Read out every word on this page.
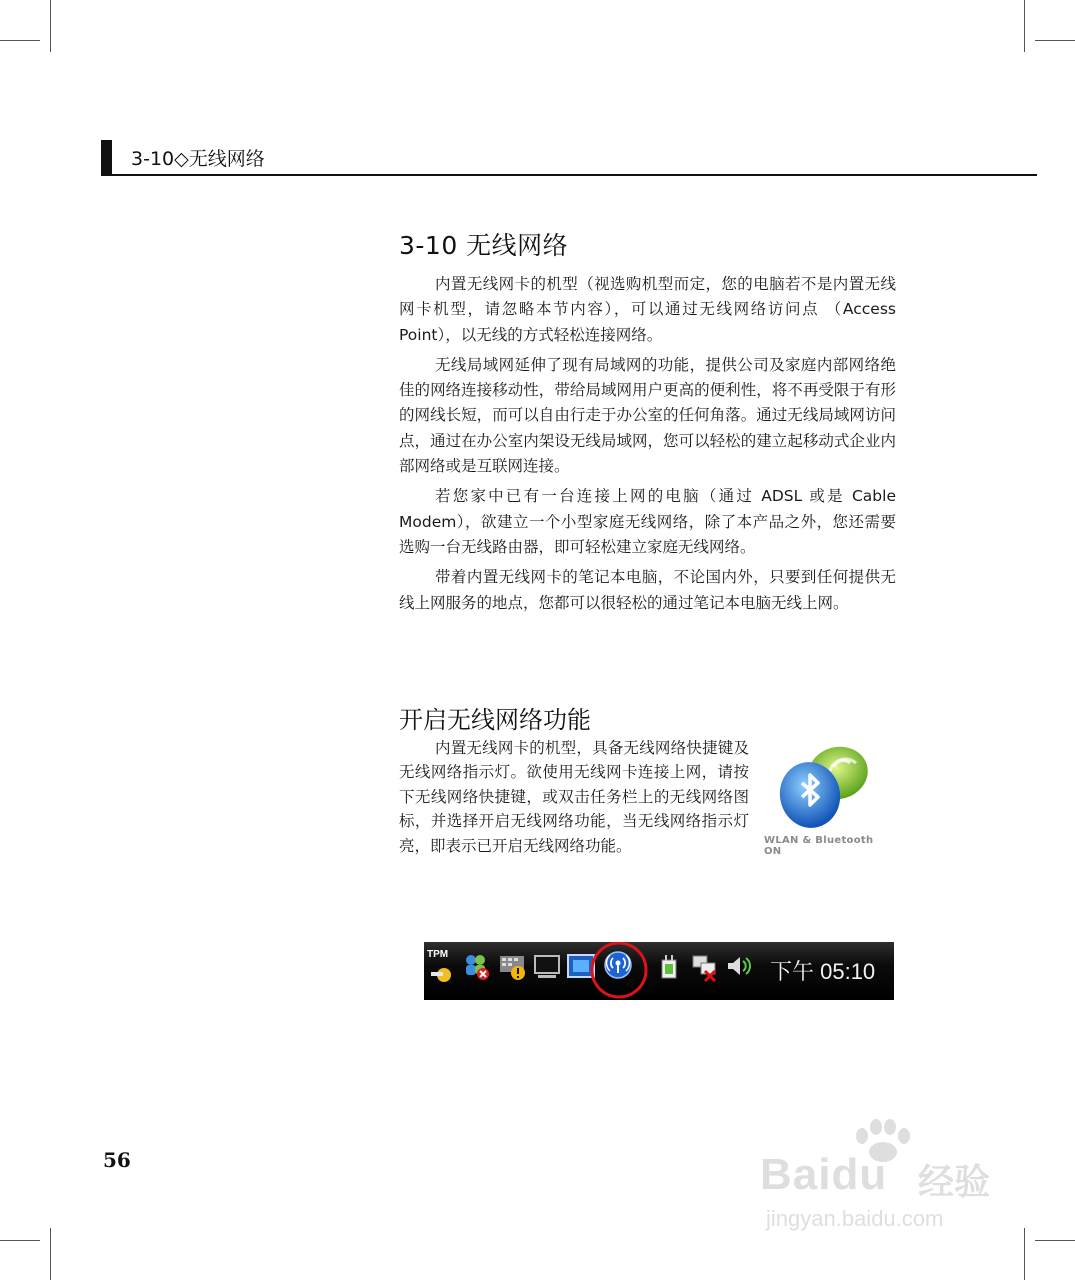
3-10◇无线网络
3-10 无线网络

内置无线网卡的机型（视选购机型而定，您的电脑若不是内置无线网卡机型，请忽略本节内容），可以通过无线网络访问点 （Access Point），以无线的方式轻松连接网络。

无线局域网延伸了现有局域网的功能，提供公司及家庭内部网络绝佳的网络连接移动性，带给局域网用户更高的便利性，将不再受限于有形的网线长短，而可以自由行走于办公室的任何角落。通过无线局域网访问点，通过在办公室内架设无线局域网，您可以轻松的建立起移动式企业内部网络或是互联网连接。

若您家中已有一台连接上网的电脑（通过 ADSL 或是 Cable Modem），欲建立一个小型家庭无线网络，除了本产品之外，您还需要选购一台无线路由器，即可轻松建立家庭无线网络。

带着内置无线网卡的笔记本电脑，不论国内外，只要到任何提供无线上网服务的地点，您都可以很轻松的通过笔记本电脑无线上网。

开启无线网络功能

内置无线网卡的机型，具备无线网络快捷键及无线网络指示灯。欲使用无线网卡连接上网，请按下无线网络快捷键，或双击任务栏上的无线网络图标，并选择开启无线网络功能，当无线网络指示灯亮，即表示已开启无线网络功能。	WLAN & Bluetooth ON
TPM
下午 05:10
56	Baidu 经验
jingyan.baidu.com
